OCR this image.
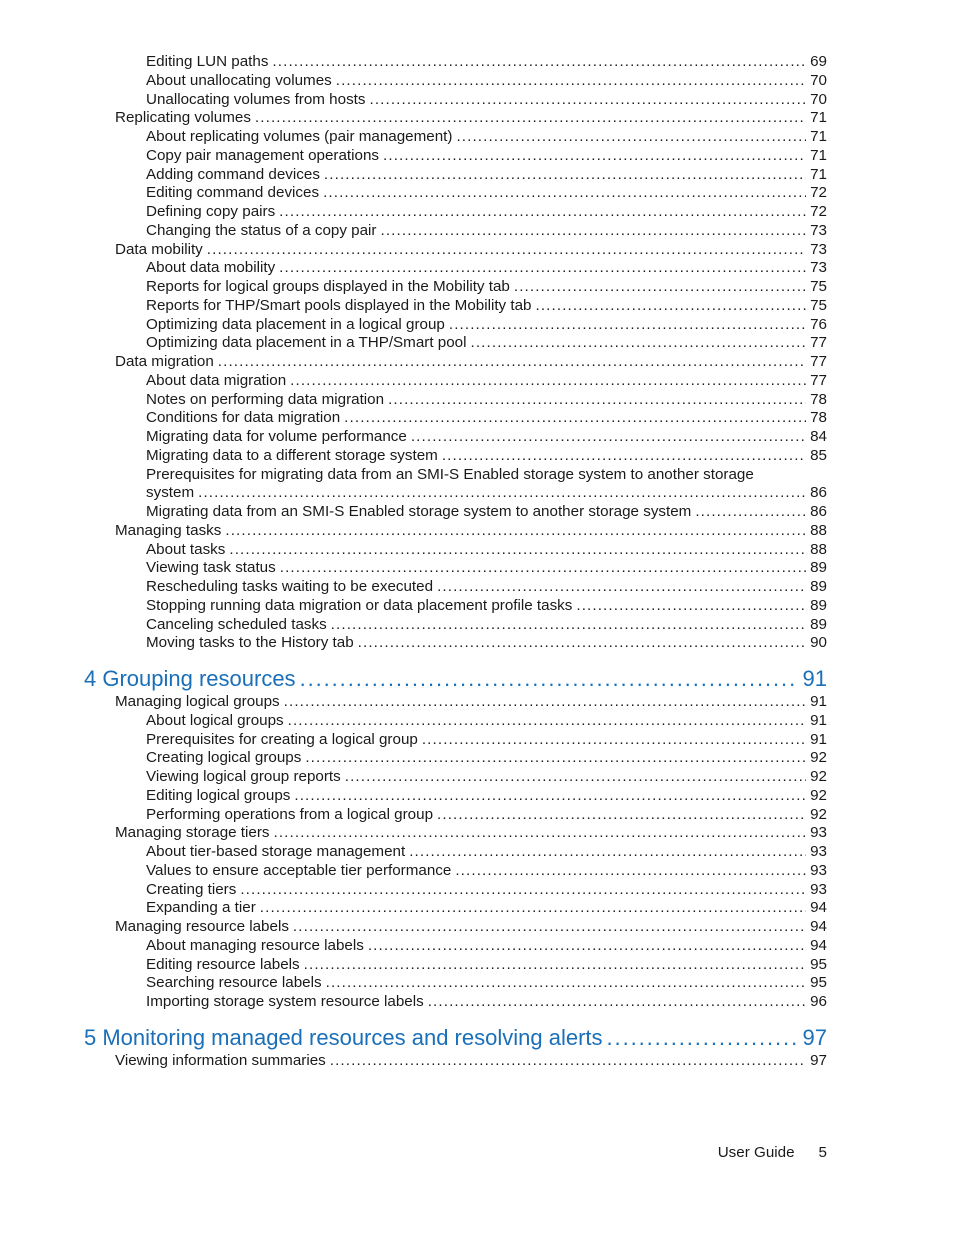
Editing LUN paths . . .	69
About unallocating volumes . . .	70
Unallocating volumes from hosts . . .	70
Replicating volumes . . .	71
About replicating volumes (pair management) . . .	71
Copy pair management operations . . .	71
Adding command devices . . .	71
Editing command devices . . .	72
Defining copy pairs . . .	72
Changing the status of a copy pair . . .	73
Data mobility . . .	73
About data mobility . . .	73
Reports for logical groups displayed in the Mobility tab . . .	75
Reports for THP/Smart pools displayed in the Mobility tab . . .	75
Optimizing data placement in a logical group . . .	76
Optimizing data placement in a THP/Smart pool . . .	77
Data migration . . .	77
About data migration . . .	77
Notes on performing data migration . . .	78
Conditions for data migration . . .	78
Migrating data for volume performance . . .	84
Migrating data to a different storage system . . .	85
Prerequisites for migrating data from an SMI-S Enabled storage system to another storage
system . . .	86
Migrating data from an SMI-S Enabled storage system to another storage system . . .	86
Managing tasks . . .	88
About tasks . . .	88
Viewing task status . . .	89
Rescheduling tasks waiting to be executed . . .	89
Stopping running data migration or data placement profile tasks . . .	89
Canceling scheduled tasks . . .	89
Moving tasks to the History tab . . .	90
4 Grouping resources . . .	91
Managing logical groups . . .	91
About logical groups . . .	91
Prerequisites for creating a logical group . . .	91
Creating logical groups . . .	92
Viewing logical group reports . . .	92
Editing logical groups . . .	92
Performing operations from a logical group . . .	92
Managing storage tiers . . .	93
About tier-based storage management . . .	93
Values to ensure acceptable tier performance . . .	93
Creating tiers . . .	93
Expanding a tier . . .	94
Managing resource labels . . .	94
About managing resource labels . . .	94
Editing resource labels . . .	95
Searching resource labels . . .	95
Importing storage system resource labels . . .	96
5 Monitoring managed resources and resolving alerts . . .	97
Viewing information summaries . . .	97
User Guide 5
